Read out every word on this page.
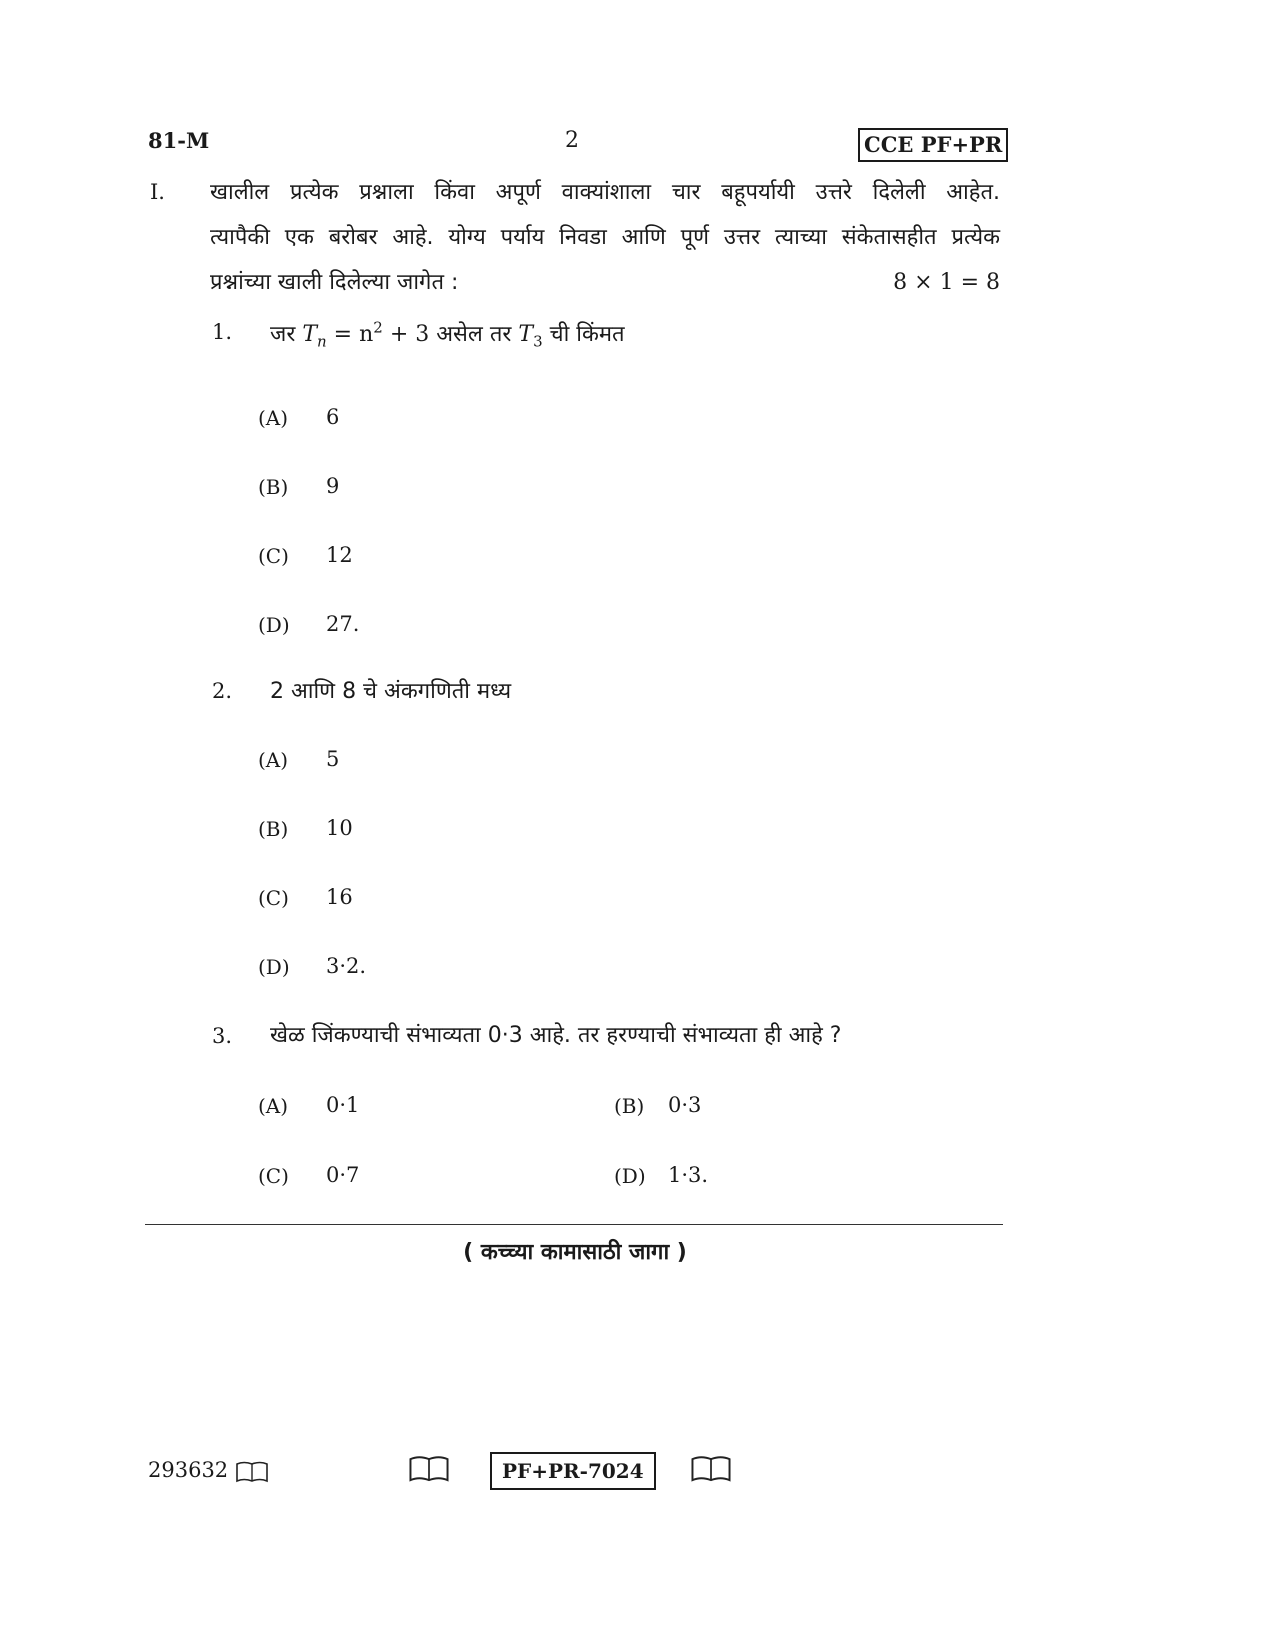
81-M	2	CCE PF+PR
I. खालील प्रत्येक प्रश्नाला किंवा अपूर्ण वाक्यांशाला चार बहूपर्यायी उत्तरे दिलेली आहेत.
त्यापैकी एक बरोबर आहे. योग्य पर्याय निवडा आणि पूर्ण उत्तर त्याच्या संकेतासहीत प्रत्येक
प्रश्नांच्या खाली दिलेल्या जागेत :	8 × 1 = 8
1. जर $T_n = n^2 + 3$ असेल तर $T_3$ ची किंमत
(A) 6
(B) 9
(C) 12
(D) 27.
2. 2 आणि 8 चे अंकगणिती मध्य
(A) 5
(B) 10
(C) 16
(D) 3·2.
3. खेळ जिंकण्याची संभाव्यता 0·3 आहे. तर हरण्याची संभाव्यता ही आहे ?
(A) 0·1	(B) 0·3
(C) 0·7	(D) 1·3.
( कच्च्या कामासाठी जागा )
293632	PF+PR-7024
